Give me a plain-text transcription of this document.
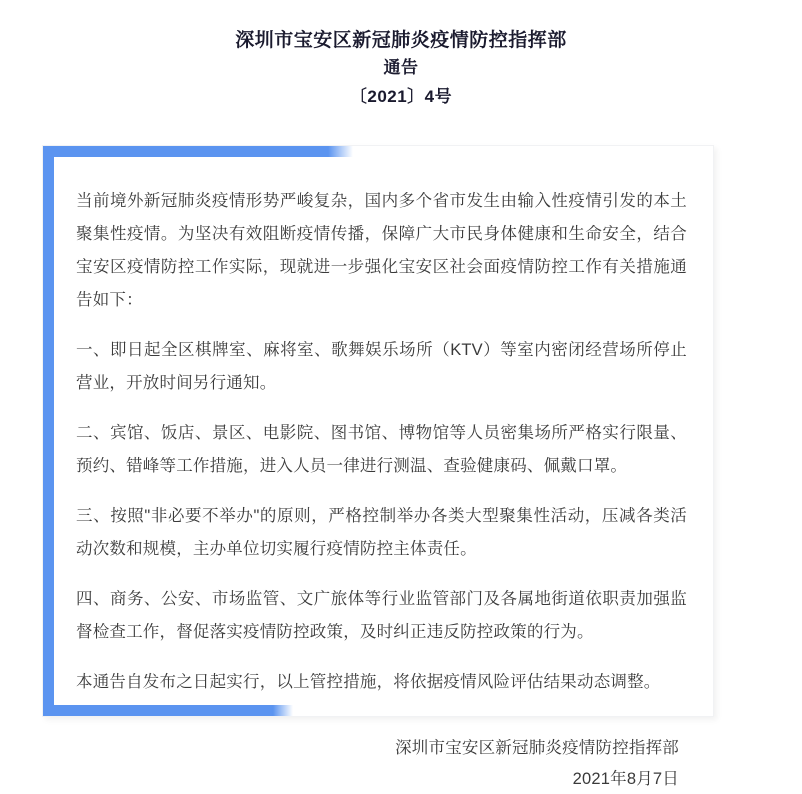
深圳市宝安区新冠肺炎疫情防控指挥部
通告
〔2021〕4号

当前境外新冠肺炎疫情形势严峻复杂，国内多个省市发生由输入性疫情引发的本土聚集性疫情。为坚决有效阻断疫情传播，保障广大市民身体健康和生命安全，结合宝安区疫情防控工作实际，现就进一步强化宝安区社会面疫情防控工作有关措施通告如下：

一、即日起全区棋牌室、麻将室、歌舞娱乐场所（KTV）等室内密闭经营场所停止营业，开放时间另行通知。

二、宾馆、饭店、景区、电影院、图书馆、博物馆等人员密集场所严格实行限量、预约、错峰等工作措施，进入人员一律进行测温、查验健康码、佩戴口罩。

三、按照"非必要不举办"的原则，严格控制举办各类大型聚集性活动，压减各类活动次数和规模，主办单位切实履行疫情防控主体责任。

四、商务、公安、市场监管、文广旅体等行业监管部门及各属地街道依职责加强监督检查工作，督促落实疫情防控政策，及时纠正违反防控政策的行为。

本通告自发布之日起实行，以上管控措施，将依据疫情风险评估结果动态调整。

深圳市宝安区新冠肺炎疫情防控指挥部
2021年8月7日
